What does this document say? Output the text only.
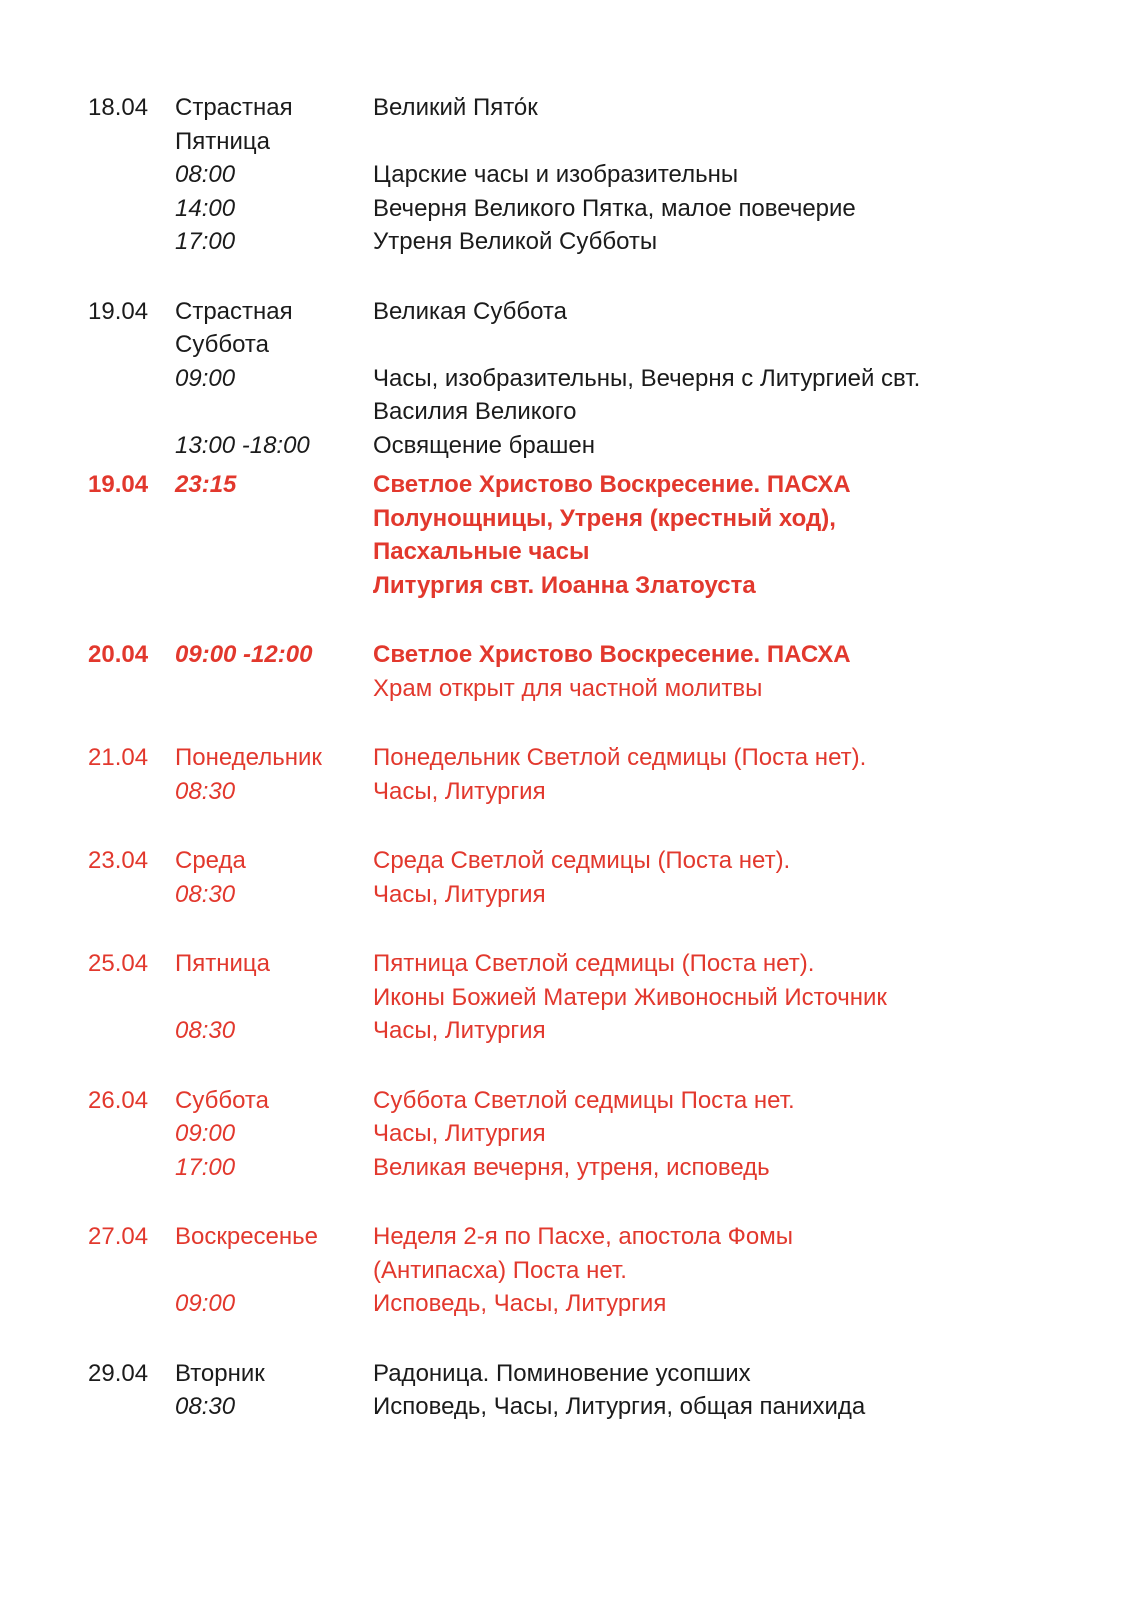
18.04	Страстная	Великий Пято́к
Пятница
08:00	Царские часы и изобразительны
14:00	Вечерня Великого Пятка, малое повечерие
17:00	Утреня Великой Субботы
19.04	Страстная	Великая Суббота
Суббота
09:00	Часы, изобразительны, Вечерня с Литургией свт.
Василия Великого
13:00 -18:00	Освящение брашен
19.04	23:15	Светлое Христово Воскресение. ПАСХА
Полунощницы, Утреня (крестный ход),
Пасхальные часы
Литургия свт. Иоанна Златоуста
20.04	09:00 -12:00	Светлое Христово Воскресение. ПАСХА
Храм открыт для частной молитвы
21.04	Понедельник	Понедельник Светлой седмицы (Поста нет).
08:30	Часы, Литургия
23.04	Среда	Среда Светлой седмицы (Поста нет).
08:30	Часы, Литургия
25.04	Пятница	Пятница Светлой седмицы (Поста нет).
Иконы Божией Матери Живоносный Источник
08:30	Часы, Литургия
26.04	Суббота	Суббота Светлой седмицы Поста нет.
09:00	Часы, Литургия
17:00	Великая вечерня, утреня, исповедь
27.04	Воскресенье	Неделя 2-я по Пасхе, апостола Фомы
(Антипасха) Поста нет.
09:00	Исповедь, Часы, Литургия
29.04	Вторник	Радоница. Поминовение усопших
08:30	Исповедь, Часы, Литургия, общая панихида
